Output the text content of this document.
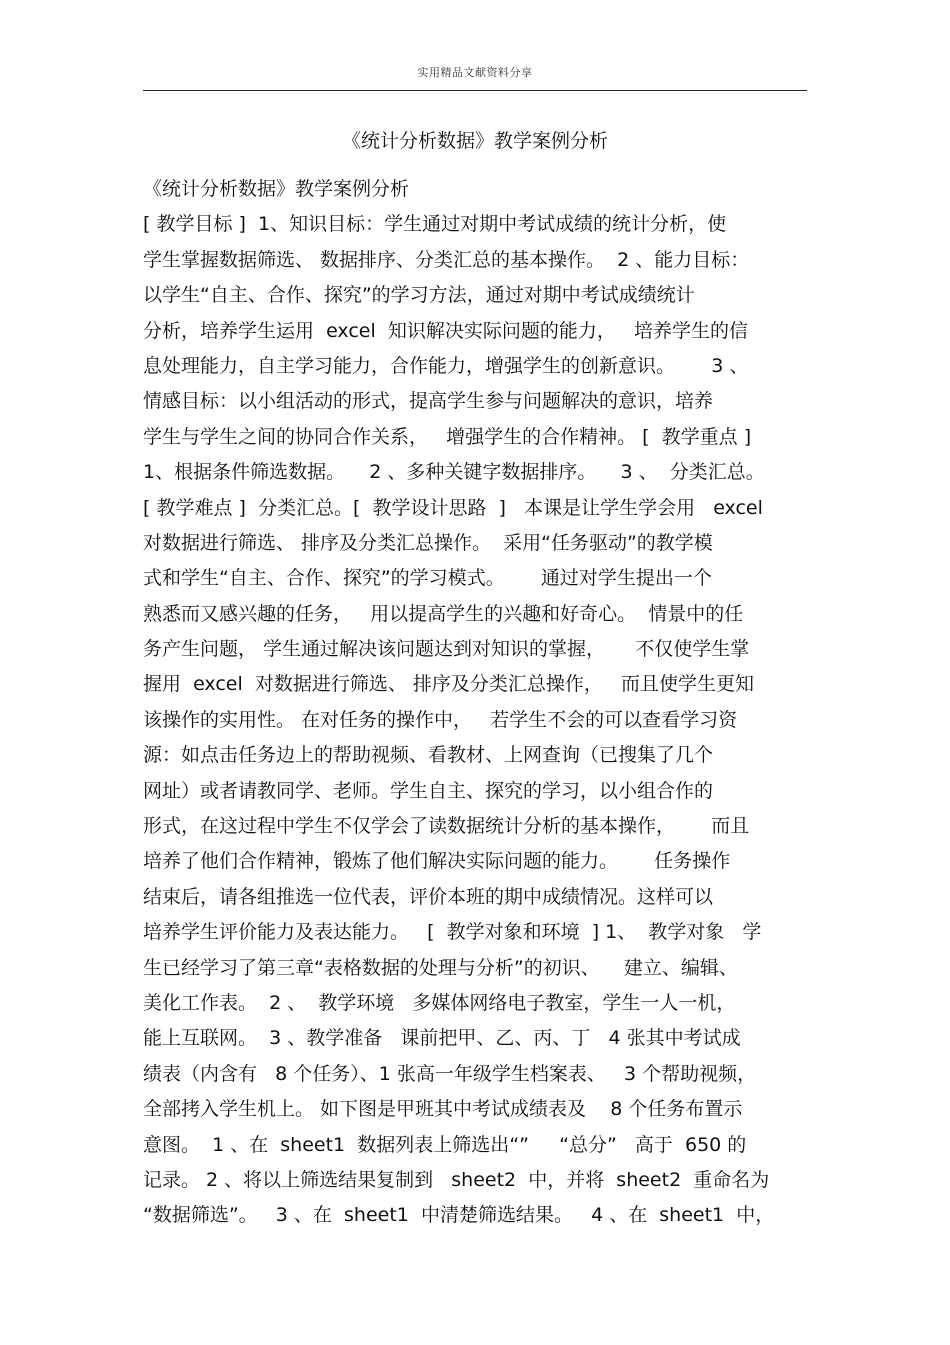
实用精品文献资料分享
《统计分析数据》教学案例分析
《统计分析数据》教学案例分析
[ 教学目标 ]  1、知识目标：学生通过对期中考试成绩的统计分析，使
学生掌握数据筛选、 数据排序、分类汇总的基本操作。  2 、能力目标：
以学生“自主、合作、探究”的学习方法，通过对期中考试成绩统计
分析，培养学生运用  excel  知识解决实际问题的能力，   培养学生的信
息处理能力，自主学习能力，合作能力，增强学生的创新意识。      3 、
情感目标：以小组活动的形式，提高学生参与问题解决的意识，培养
学生与学生之间的协同合作关系，   增强学生的合作精神。 [  教学重点 ]
1、根据条件筛选数据。    2 、多种关键字数据排序。    3 、  分类汇总。
[ 教学难点 ]  分类汇总。[  教学设计思路  ]   本课是让学生学会用   excel
对数据进行筛选、 排序及分类汇总操作。  采用“任务驱动”的教学模
式和学生“自主、合作、探究”的学习模式。      通过对学生提出一个
熟悉而又感兴趣的任务，   用以提高学生的兴趣和好奇心。  情景中的任
务产生问题， 学生通过解决该问题达到对知识的掌握，     不仅使学生掌
握用  excel  对数据进行筛选、 排序及分类汇总操作，   而且使学生更知
该操作的实用性。 在对任务的操作中，   若学生不会的可以查看学习资
源：如点击任务边上的帮助视频、看教材、上网查询（已搜集了几个
网址）或者请教同学、老师。学生自主、探究的学习，以小组合作的
形式，在这过程中学生不仅学会了读数据统计分析的基本操作，      而且
培养了他们合作精神，锻炼了他们解决实际问题的能力。      任务操作
结束后，请各组推选一位代表，评价本班的期中成绩情况。这样可以
培养学生评价能力及表达能力。   [  教学对象和环境  ] 1、  教学对象   学
生已经学习了第三章“表格数据的处理与分析”的初识、    建立、编辑、
美化工作表。  2 、  教学环境   多媒体网络电子教室，学生一人一机，
能上互联网。  3 、教学准备   课前把甲、乙、丙、丁   4 张其中考试成
绩表（内含有   8 个任务）、1 张高一年级学生档案表、   3 个帮助视频，
全部拷入学生机上。 如下图是甲班其中考试成绩表及    8 个任务布置示
意图。  1 、在  sheet1  数据列表上筛选出“”     “总分”   高于  650 的
记录。 2 、将以上筛选结果复制到   sheet2  中，并将  sheet2  重命名为
“数据筛选”。   3 、在  sheet1  中清楚筛选结果。   4 、在  sheet1  中，
